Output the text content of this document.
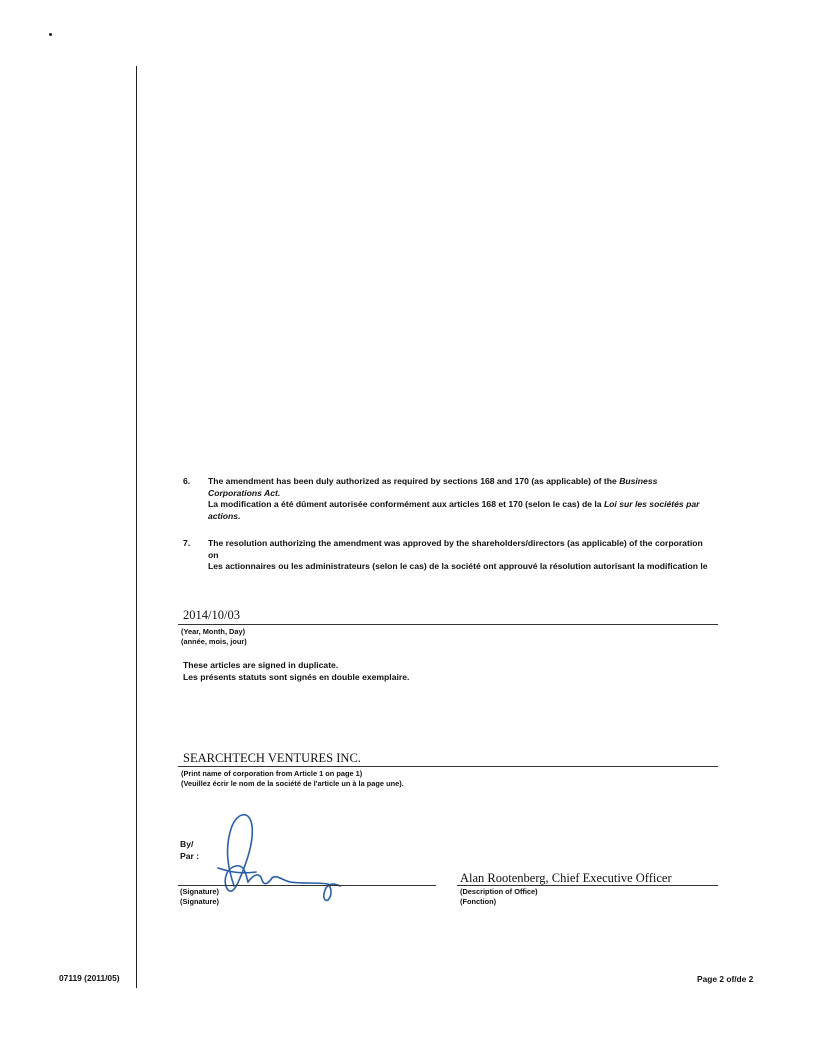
6. The amendment has been duly authorized as required by sections 168 and 170 (as applicable) of the Business Corporations Act.
La modification a été dûment autorisée conformément aux articles 168 et 170 (selon le cas) de la Loi sur les sociétés par actions.
7. The resolution authorizing the amendment was approved by the shareholders/directors (as applicable) of the corporation on
Les actionnaires ou les administrateurs (selon le cas) de la société ont approuvé la résolution autorisant la modification le
2014/10/03
(Year, Month, Day)
(année, mois, jour)
These articles are signed in duplicate.
Les présents statuts sont signés en double exemplaire.
SEARCHTECH VENTURES INC.
(Print name of corporation from Article 1 on page 1)
(Veuillez écrir le nom de la société de l'article un à la page une).
By/
Par :
(Signature)
(Signature)
Alan Rootenberg, Chief Executive Officer
(Description of Office)
(Fonction)
07119 (2011/05)	Page 2 of/de 2
